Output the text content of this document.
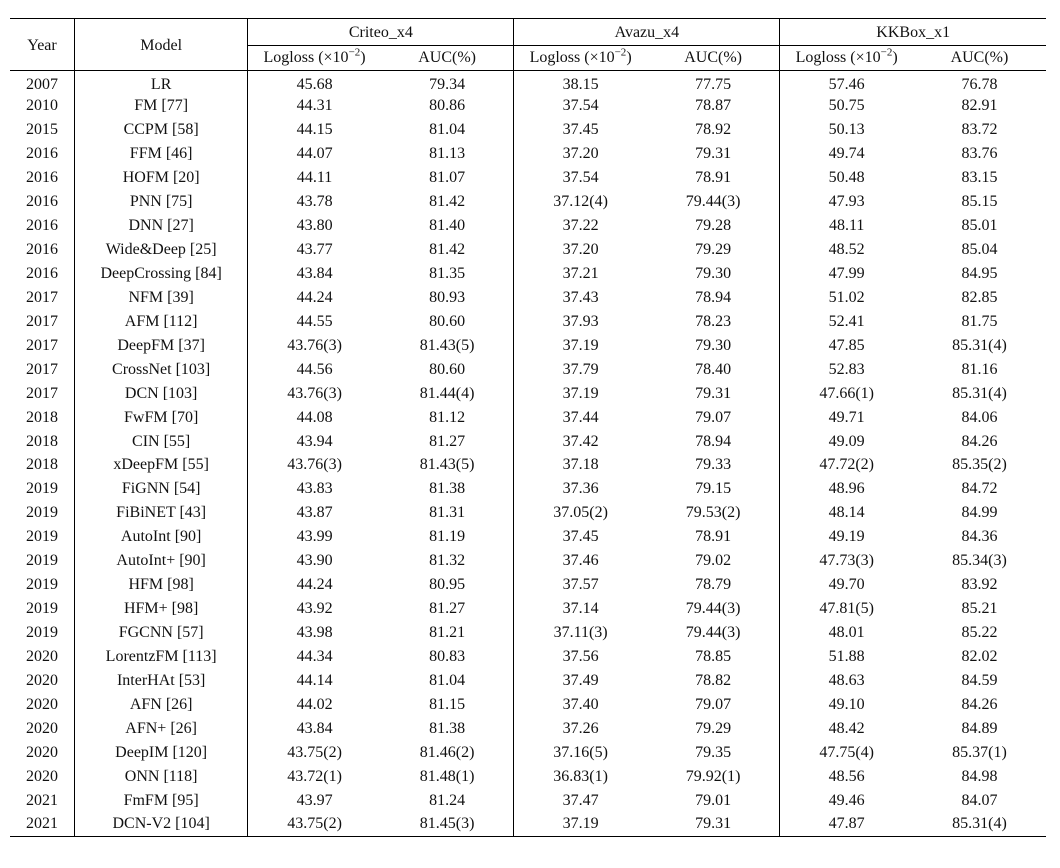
Year	Model	Criteo_x4		Avazu_x4		KKBox_x1	
		Logloss $(\times 10^{-2})$	AUC(%)	Logloss $(\times 10^{-2})$	AUC(%)	Logloss $(\times 10^{-2})$	AUC(%)
2007	LR	45.68	79.34	38.15	77.75	57.46	76.78
2010	FM [77]	44.31	80.86	37.54	78.87	50.75	82.91
2015	CCPM [58]	44.15	81.04	37.45	78.92	50.13	83.72
2016	FFM [46]	44.07	81.13	37.20	79.31	49.74	83.76
2016	HOFM [20]	44.11	81.07	37.54	78.91	50.48	83.15
2016	PNN [75]	43.78	81.42	37.12(4)	79.44(3)	47.93	85.15
2016	DNN [27]	43.80	81.40	37.22	79.28	48.11	85.01
2016	Wide&Deep [25]	43.77	81.42	37.20	79.29	48.52	85.04
2016	DeepCrossing [84]	43.84	81.35	37.21	79.30	47.99	84.95
2017	NFM [39]	44.24	80.93	37.43	78.94	51.02	82.85
2017	AFM [112]	44.55	80.60	37.93	78.23	52.41	81.75
2017	DeepFM [37]	43.76(3)	81.43(5)	37.19	79.30	47.85	85.31(4)
2017	CrossNet [103]	44.56	80.60	37.79	78.40	52.83	81.16
2017	DCN [103]	43.76(3)	81.44(4)	37.19	79.31	47.66(1)	85.31(4)
2018	FwFM [70]	44.08	81.12	37.44	79.07	49.71	84.06
2018	CIN [55]	43.94	81.27	37.42	78.94	49.09	84.26
2018	xDeepFM [55]	43.76(3)	81.43(5)	37.18	79.33	47.72(2)	85.35(2)
2019	FiGNN [54]	43.83	81.38	37.36	79.15	48.96	84.72
2019	FiBiNET [43]	43.87	81.31	37.05(2)	79.53(2)	48.14	84.99
2019	AutoInt [90]	43.99	81.19	37.45	78.91	49.19	84.36
2019	AutoInt+ [90]	43.90	81.32	37.46	79.02	47.73(3)	85.34(3)
2019	HFM [98]	44.24	80.95	37.57	78.79	49.70	83.92
2019	HFM+ [98]	43.92	81.27	37.14	79.44(3)	47.81(5)	85.21
2019	FGCNN [57]	43.98	81.21	37.11(3)	79.44(3)	48.01	85.22
2020	LorentzFM [113]	44.34	80.83	37.56	78.85	51.88	82.02
2020	InterHAt [53]	44.14	81.04	37.49	78.82	48.63	84.59
2020	AFN [26]	44.02	81.15	37.40	79.07	49.10	84.26
2020	AFN+ [26]	43.84	81.38	37.26	79.29	48.42	84.89
2020	DeepIM [120]	43.75(2)	81.46(2)	37.16(5)	79.35	47.75(4)	85.37(1)
2020	ONN [118]	43.72(1)	81.48(1)	36.83(1)	79.92(1)	48.56	84.98
2021	FmFM [95]	43.97	81.24	37.47	79.01	49.46	84.07
2021	DCN-V2 [104]	43.75(2)	81.45(3)	37.19	79.31	47.87	85.31(4)
